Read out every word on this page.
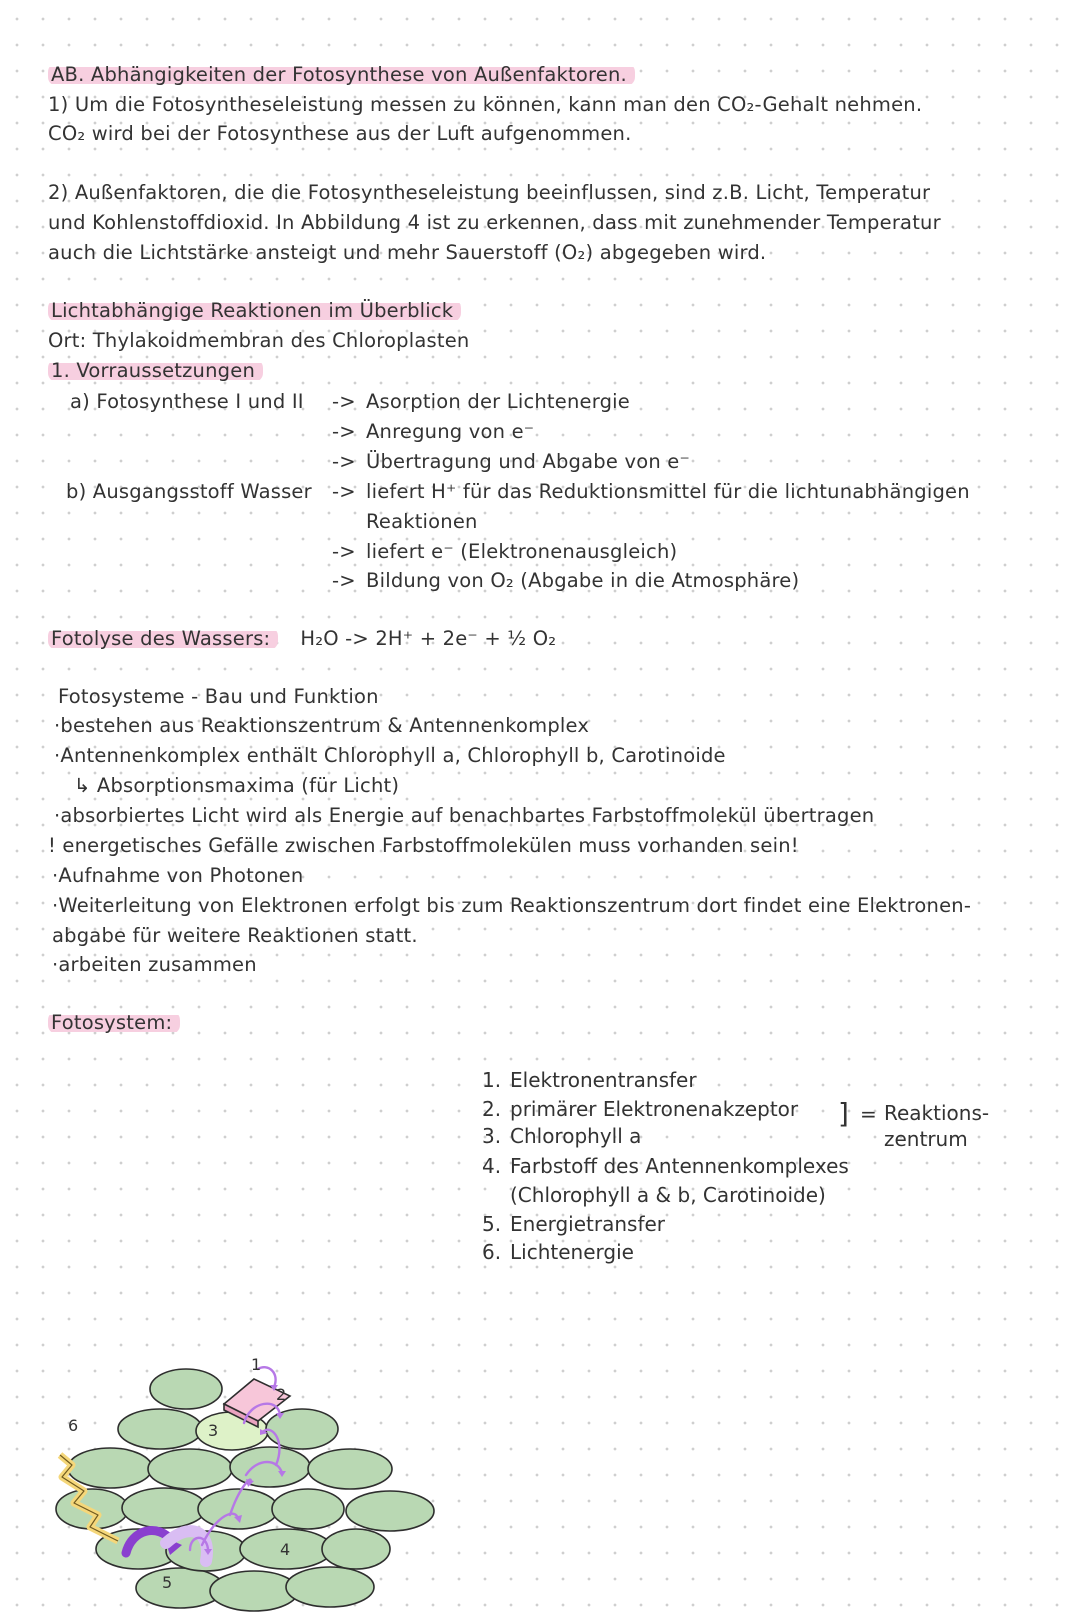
AB. Abhängigkeiten der Fotosynthese von Außenfaktoren.
1) Um die Fotosyntheseleistung messen zu können, kann man den CO₂-Gehalt nehmen.
CO₂ wird bei der Fotosynthese aus der Luft aufgenommen.
2) Außenfaktoren, die die Fotosyntheseleistung beeinflussen, sind z.B. Licht, Temperatur
und Kohlenstoffdioxid. In Abbildung 4 ist zu erkennen, dass mit zunehmender Temperatur
auch die Lichtstärke ansteigt und mehr Sauerstoff (O₂) abgegeben wird.
Lichtabhängige Reaktionen im Überblick
Ort: Thylakoidmembran des Chloroplasten
1. Vorraussetzungen
a) Fotosynthese I und II -> Asorption der Lichtenergie
-> Anregung von e⁻
-> Übertragung und Abgabe von e⁻
b) Ausgangsstoff Wasser -> liefert H⁺ für das Reduktionsmittel für die lichtunabhängigen
Reaktionen
-> liefert e⁻ (Elektronenausgleich)
-> Bildung von O₂ (Abgabe in die Atmosphäre)
Fotolyse des Wassers: H₂O -> 2H⁺ + 2e⁻ + ½ O₂
Fotosysteme - Bau und Funktion
·bestehen aus Reaktionszentrum & Antennenkomplex
·Antennenkomplex enthält Chlorophyll a, Chlorophyll b, Carotinoide
↳ Absorptionsmaxima (für Licht)
·absorbiertes Licht wird als Energie auf benachbartes Farbstoffmolekül übertragen
! energetisches Gefälle zwischen Farbstoffmolekülen muss vorhanden sein!
·Aufnahme von Photonen
·Weiterleitung von Elektronen erfolgt bis zum Reaktionszentrum dort findet eine Elektronen-
abgabe für weitere Reaktionen statt.
·arbeiten zusammen
Fotosystem:
1
2
3
4
5
6
1. Elektronentransfer
2. primärer Elektronenakzeptor
3. Chlorophyll a
4. Farbstoff des Antennenkomplexes
(Chlorophyll a & b, Carotinoide)
5. Energietransfer
6. Lichtenergie
] = Reaktions-
zentrum
